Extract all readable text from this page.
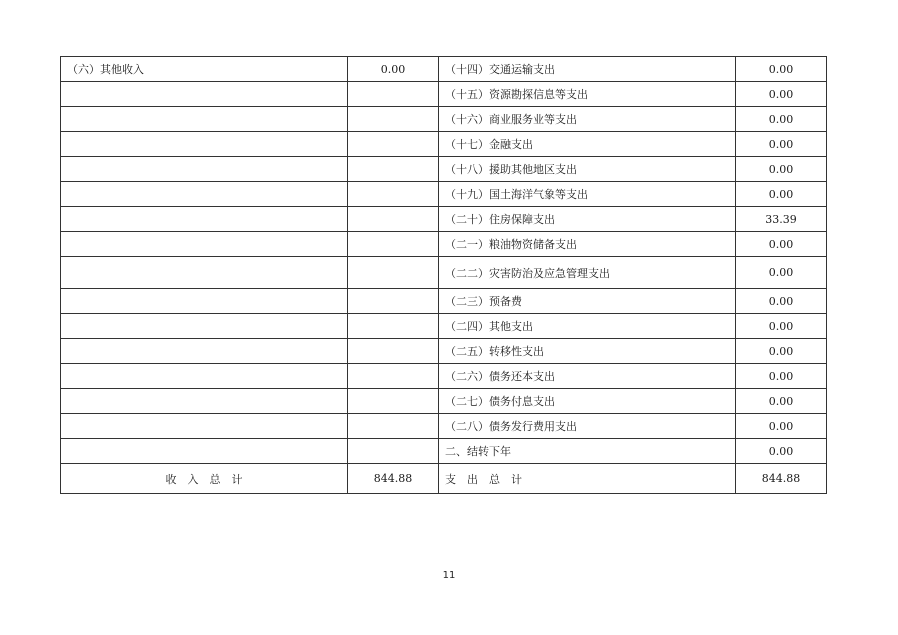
（六）其他收入	0.00	（十四）交通运输支出	0.00
		（十五）资源勘探信息等支出	0.00
		（十六）商业服务业等支出	0.00
		（十七）金融支出	0.00
		（十八）援助其他地区支出	0.00
		（十九）国土海洋气象等支出	0.00
		（二十）住房保障支出	33.39
		（二一）粮油物资储备支出	0.00
		（二二）灾害防治及应急管理支出	0.00
		（二三）预备费	0.00
		（二四）其他支出	0.00
		（二五）转移性支出	0.00
		（二六）债务还本支出	0.00
		（二七）债务付息支出	0.00
		（二八）债务发行费用支出	0.00
		二、结转下年	0.00
收　入　总　计	844.88	支　出　总　计	844.88
11
